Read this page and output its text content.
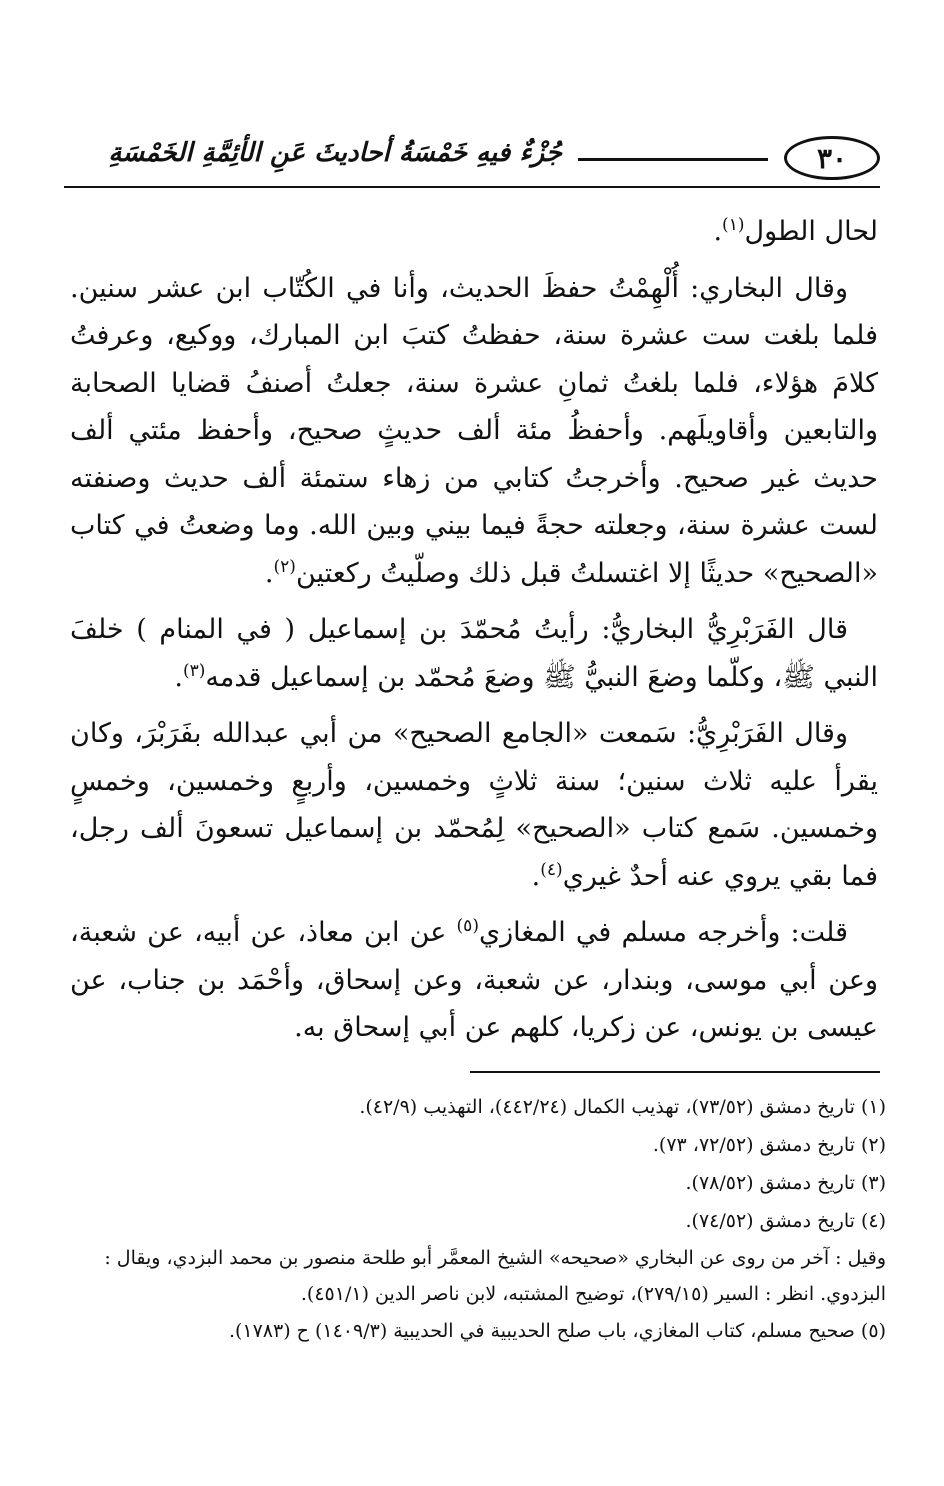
٣٠
جُزْءٌ فيهِ خَمْسَةُ أحاديثَ عَنِ الأئِمَّةِ الخَمْسَةِ

لحال الطول$^{(١)}$.

وقال البخاري: أُلْهِمْتُ حفظَ الحديث، وأنا في الكُتّاب ابن عشر سنين. فلما بلغت ست عشرة سنة، حفظتُ كتبَ ابن المبارك، ووكيع، وعرفتُ كلامَ هؤلاء، فلما بلغتُ ثمانِ عشرة سنة، جعلتُ أصنفُ قضايا الصحابة والتابعين وأقاويلَهم. وأحفظُ مئة ألف حديثٍ صحيح، وأحفظ مئتي ألف حديث غير صحيح. وأخرجتُ كتابي من زهاء ستمئة ألف حديث وصنفته لست عشرة سنة، وجعلته حجةً فيما بيني وبين الله. وما وضعتُ في كتاب «الصحيح» حديثًا إلا اغتسلتُ قبل ذلك وصلّيتُ ركعتين$^{(٢)}$.

قال الفَرَبْرِيُّ البخاريُّ: رأيتُ مُحمّدَ بن إسماعيل ( في المنام ) خلفَ النبي ﷺ، وكلّما وضعَ النبيُّ ﷺ وضعَ مُحمّد بن إسماعيل قدمه$^{(٣)}$.

وقال الفَرَبْرِيُّ: سَمعت «الجامع الصحيح» من أبي عبدالله بفَرَبْرَ، وكان يقرأ عليه ثلاث سنين؛ سنة ثلاثٍ وخمسين، وأربعٍ وخمسين، وخمسٍ وخمسين. سَمع كتاب «الصحيح» لِمُحمّد بن إسماعيل تسعونَ ألف رجل، فما بقي يروي عنه أحدٌ غيري$^{(٤)}$.

قلت: وأخرجه مسلم في المغازي$^{(٥)}$ عن ابن معاذ، عن أبيه، عن شعبة، وعن أبي موسى، وبندار، عن شعبة، وعن إسحاق، وأحْمَد بن جناب، عن عيسى بن يونس، عن زكريا، كلهم عن أبي إسحاق به.

(١) تاريخ دمشق (٧٣/٥٢)، تهذيب الكمال (٤٤٢/٢٤)، التهذيب (٤٢/٩).

(٢) تاريخ دمشق (٧٢/٥٢، ٧٣).

(٣) تاريخ دمشق (٧٨/٥٢).

(٤) تاريخ دمشق (٧٤/٥٢).

وقيل : آخر من روى عن البخاري «صحيحه» الشيخ المعمَّر أبو طلحة منصور بن محمد البزدي، ويقال : البزدوي. انظر : السير (٢٧٩/١٥)، توضيح المشتبه، لابن ناصر الدين (٤٥١/١).

(٥) صحيح مسلم، كتاب المغازي، باب صلح الحديبية في الحديبية (١٤٠٩/٣) ح (١٧٨٣).
